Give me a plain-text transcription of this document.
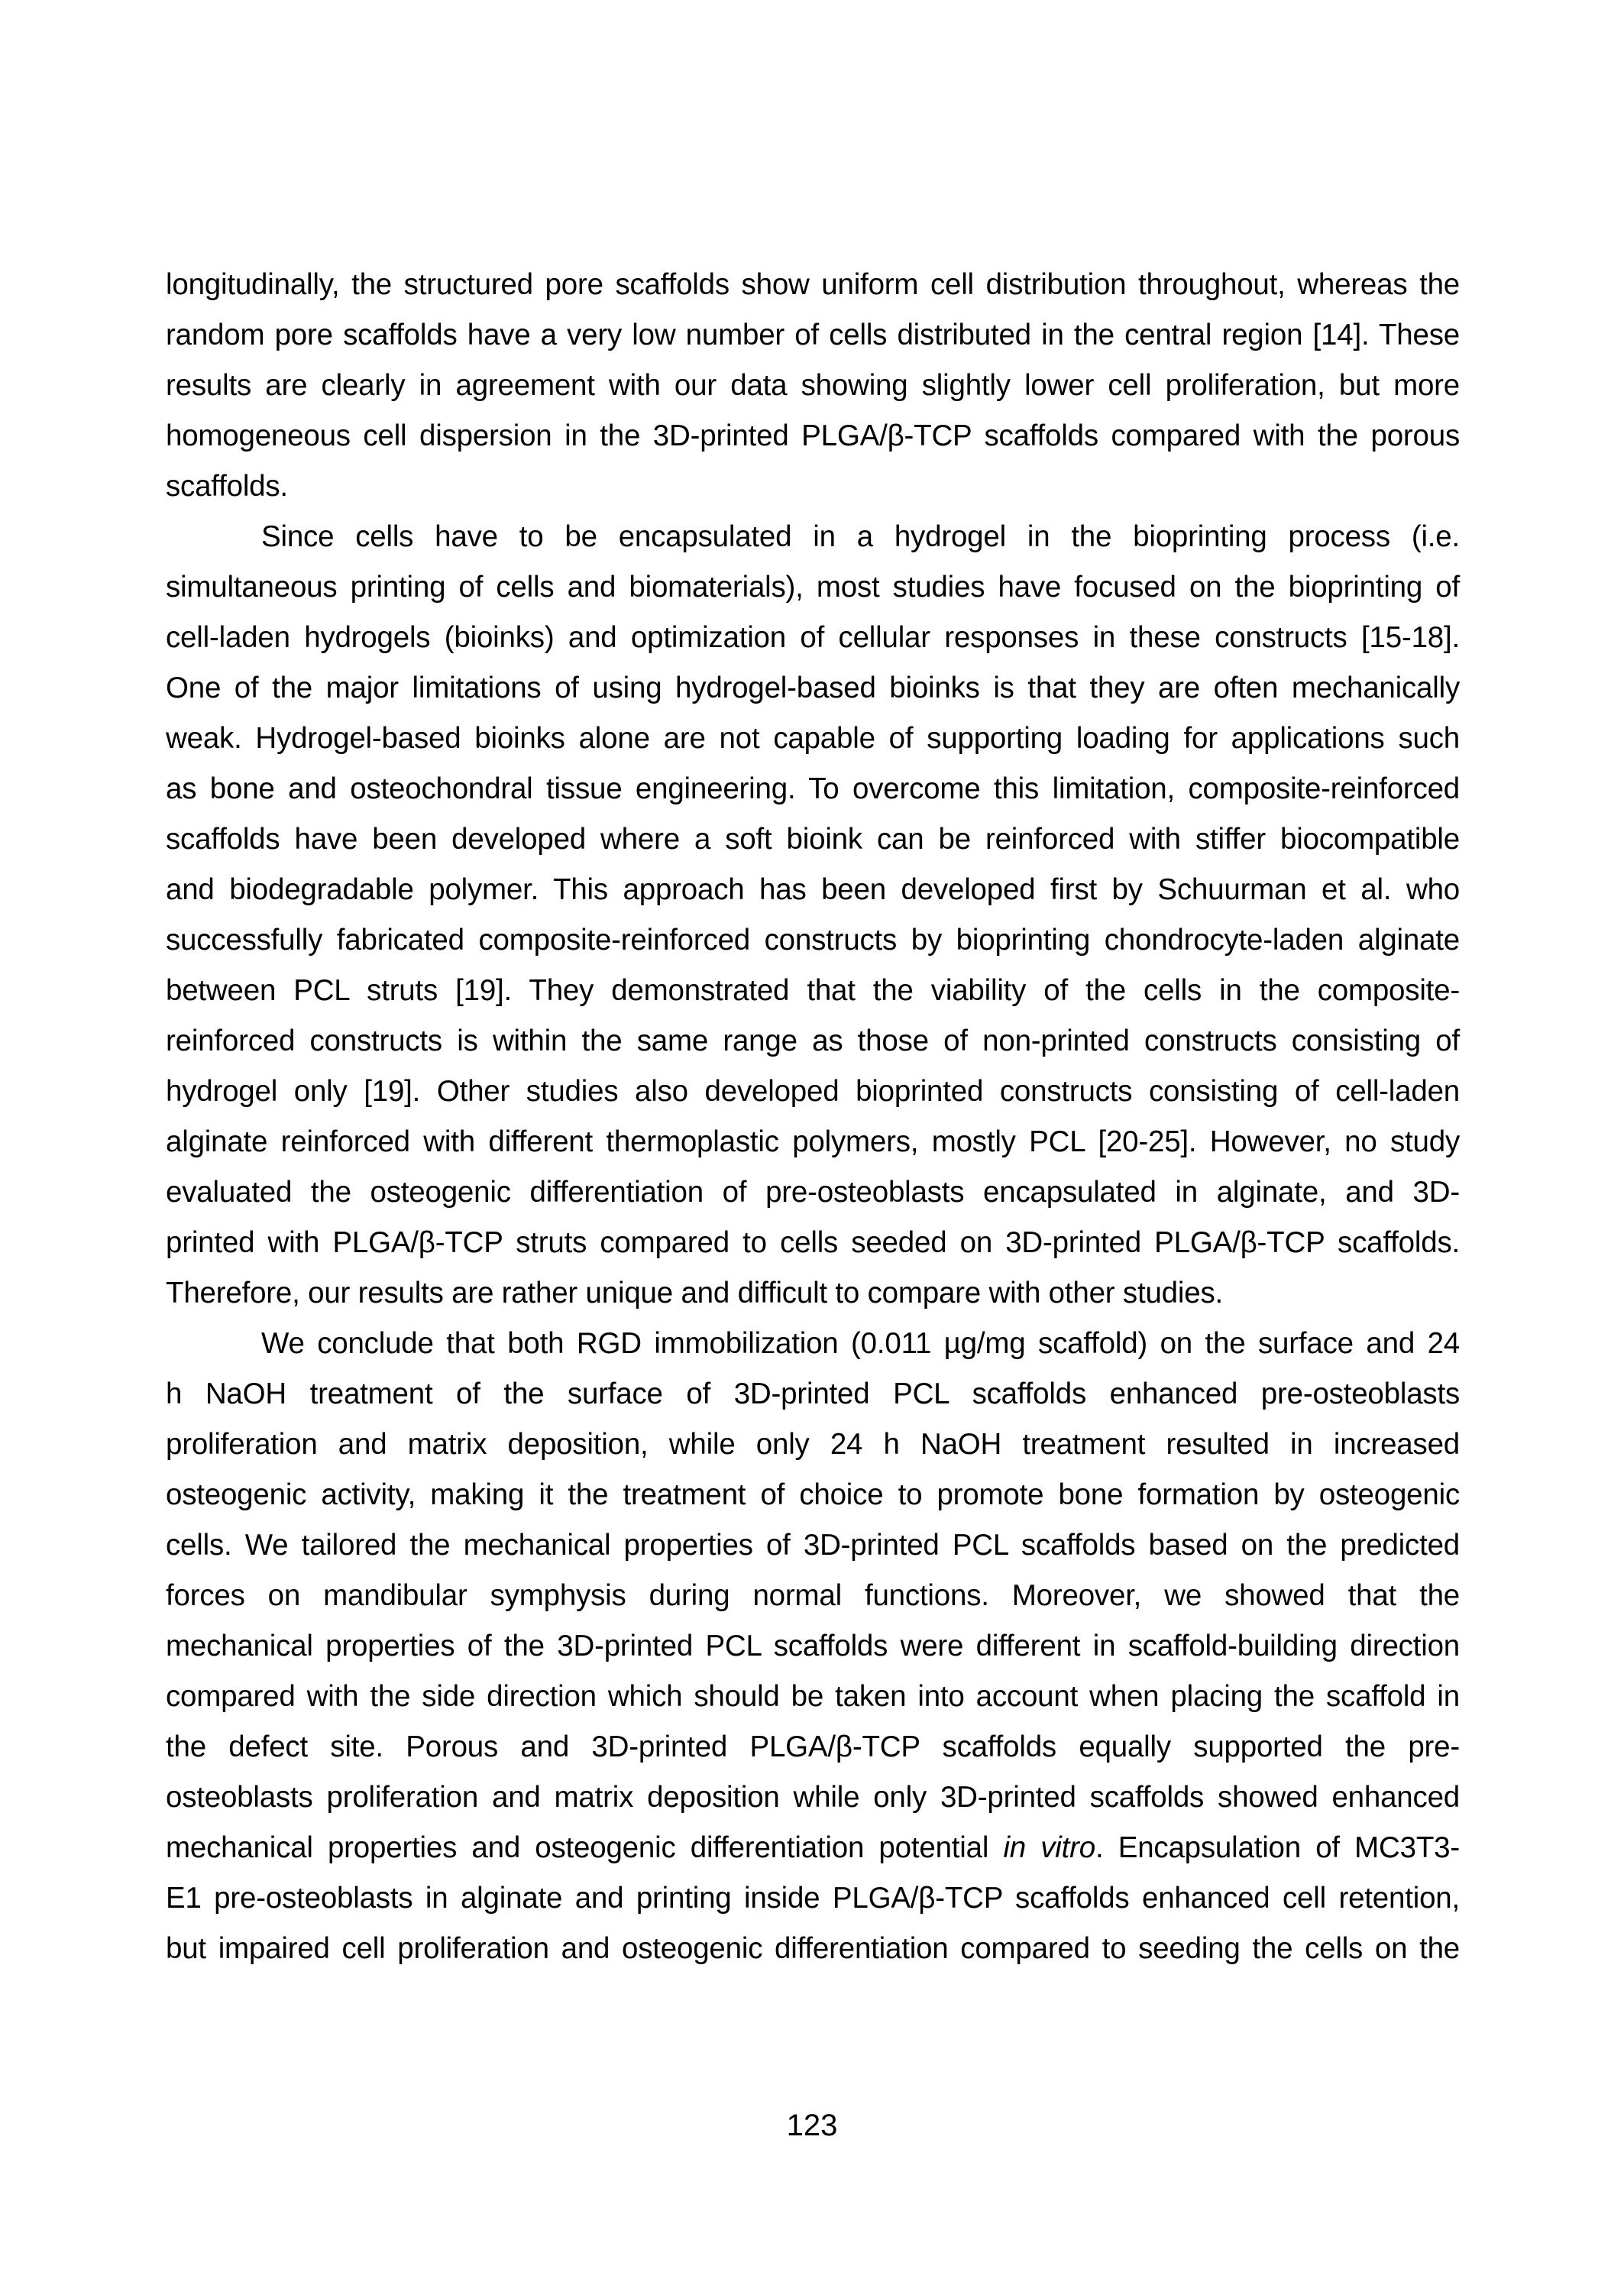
longitudinally, the structured pore scaffolds show uniform cell distribution throughout, whereas the
random pore scaffolds have a very low number of cells distributed in the central region [14]. These
results are clearly in agreement with our data showing slightly lower cell proliferation, but more
homogeneous cell dispersion in the 3D-printed PLGA/β-TCP scaffolds compared with the porous
scaffolds.
Since cells have to be encapsulated in a hydrogel in the bioprinting process (i.e.
simultaneous printing of cells and biomaterials), most studies have focused on the bioprinting of
cell-laden hydrogels (bioinks) and optimization of cellular responses in these constructs [15-18].
One of the major limitations of using hydrogel-based bioinks is that they are often mechanically
weak. Hydrogel-based bioinks alone are not capable of supporting loading for applications such
as bone and osteochondral tissue engineering. To overcome this limitation, composite-reinforced
scaffolds have been developed where a soft bioink can be reinforced with stiffer biocompatible
and biodegradable polymer. This approach has been developed first by Schuurman et al. who
successfully fabricated composite-reinforced constructs by bioprinting chondrocyte-laden alginate
between PCL struts [19]. They demonstrated that the viability of the cells in the composite-
reinforced constructs is within the same range as those of non-printed constructs consisting of
hydrogel only [19]. Other studies also developed bioprinted constructs consisting of cell-laden
alginate reinforced with different thermoplastic polymers, mostly PCL [20-25]. However, no study
evaluated the osteogenic differentiation of pre-osteoblasts encapsulated in alginate, and 3D-
printed with PLGA/β-TCP struts compared to cells seeded on 3D-printed PLGA/β-TCP scaffolds.
Therefore, our results are rather unique and difficult to compare with other studies.
We conclude that both RGD immobilization (0.011 µg/mg scaffold) on the surface and 24
h NaOH treatment of the surface of 3D-printed PCL scaffolds enhanced pre-osteoblasts
proliferation and matrix deposition, while only 24 h NaOH treatment resulted in increased
osteogenic activity, making it the treatment of choice to promote bone formation by osteogenic
cells. We tailored the mechanical properties of 3D-printed PCL scaffolds based on the predicted
forces on mandibular symphysis during normal functions. Moreover, we showed that the
mechanical properties of the 3D-printed PCL scaffolds were different in scaffold-building direction
compared with the side direction which should be taken into account when placing the scaffold in
the defect site. Porous and 3D-printed PLGA/β-TCP scaffolds equally supported the pre-
osteoblasts proliferation and matrix deposition while only 3D-printed scaffolds showed enhanced
mechanical properties and osteogenic differentiation potential in vitro. Encapsulation of MC3T3-
E1 pre-osteoblasts in alginate and printing inside PLGA/β-TCP scaffolds enhanced cell retention,
but impaired cell proliferation and osteogenic differentiation compared to seeding the cells on the
123
